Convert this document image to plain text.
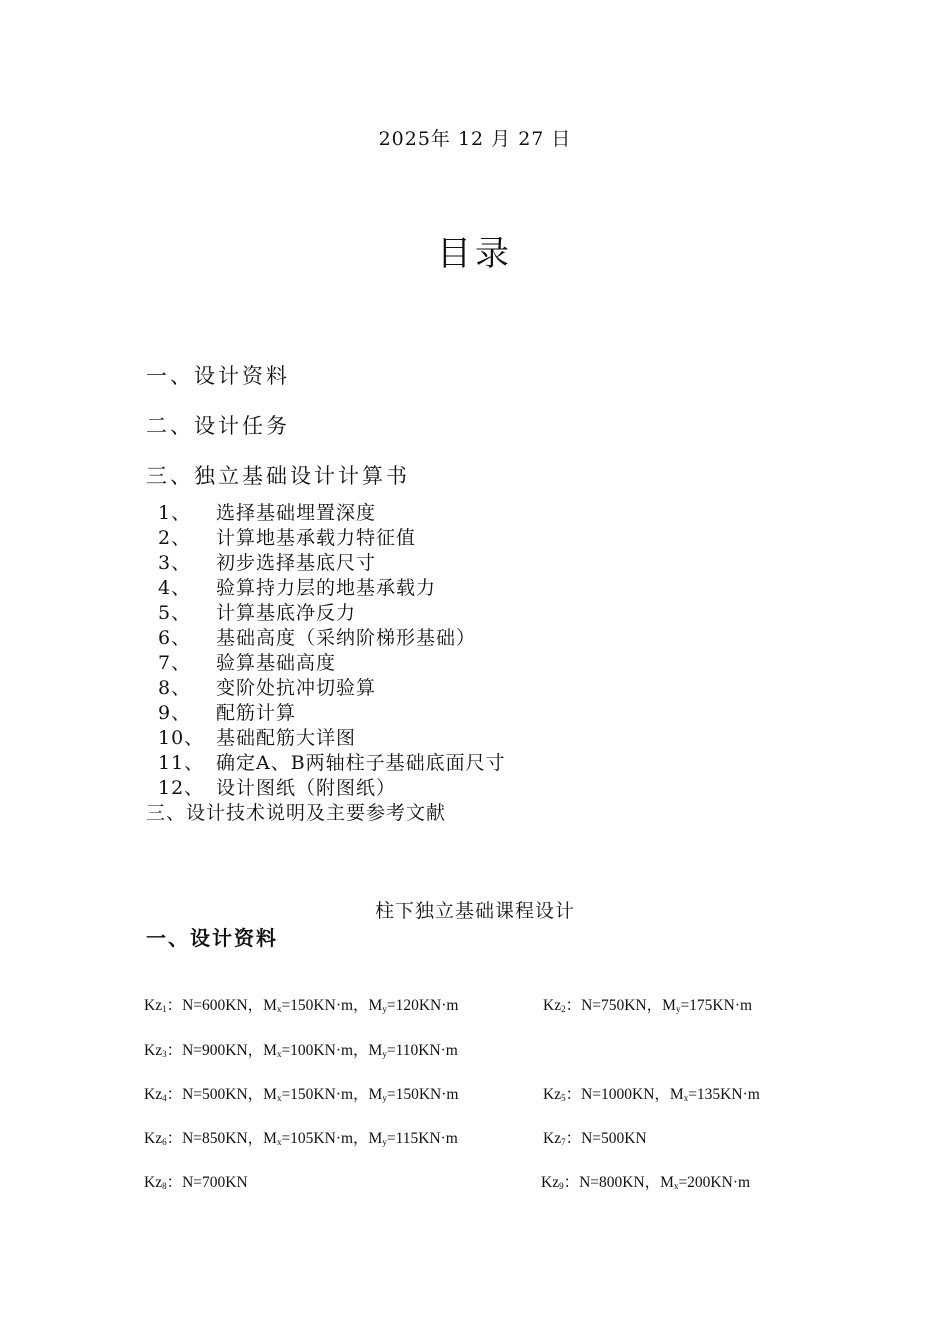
2025年 12 月 27 日
目录
一、设计资料
二、设计任务
三、独立基础设计计算书
1、 选择基础埋置深度
2、 计算地基承载力特征值
3、 初步选择基底尺寸
4、 验算持力层的地基承载力
5、 计算基底净反力
6、 基础高度（采纳阶梯形基础）
7、 验算基础高度
8、 变阶处抗冲切验算
9、 配筋计算
10、 基础配筋大详图
11、 确定A、B两轴柱子基础底面尺寸
12、 设计图纸（附图纸）
三、设计技术说明及主要参考文献
柱下独立基础课程设计
一、设计资料
$Kz_1$：N=600KN，$M_x=150KN\cdot m$，$M_y=120KN\cdot m$	$Kz_2$：N=750KN，$M_y=175KN\cdot m$
$Kz_3$：N=900KN，$M_x=100KN\cdot m$，$M_y=110KN\cdot m$
$Kz_4$：N=500KN，$M_x=150KN\cdot m$，$M_y=150KN\cdot m$	$Kz_5$：N=1000KN，$M_x=135KN\cdot m$
$Kz_6$：N=850KN，$M_x=105KN\cdot m$，$M_y=115KN\cdot m$	$Kz_7$：N=500KN
$Kz_8$：N=700KN	$Kz_9$：N=800KN，$M_x=200KN\cdot m$
